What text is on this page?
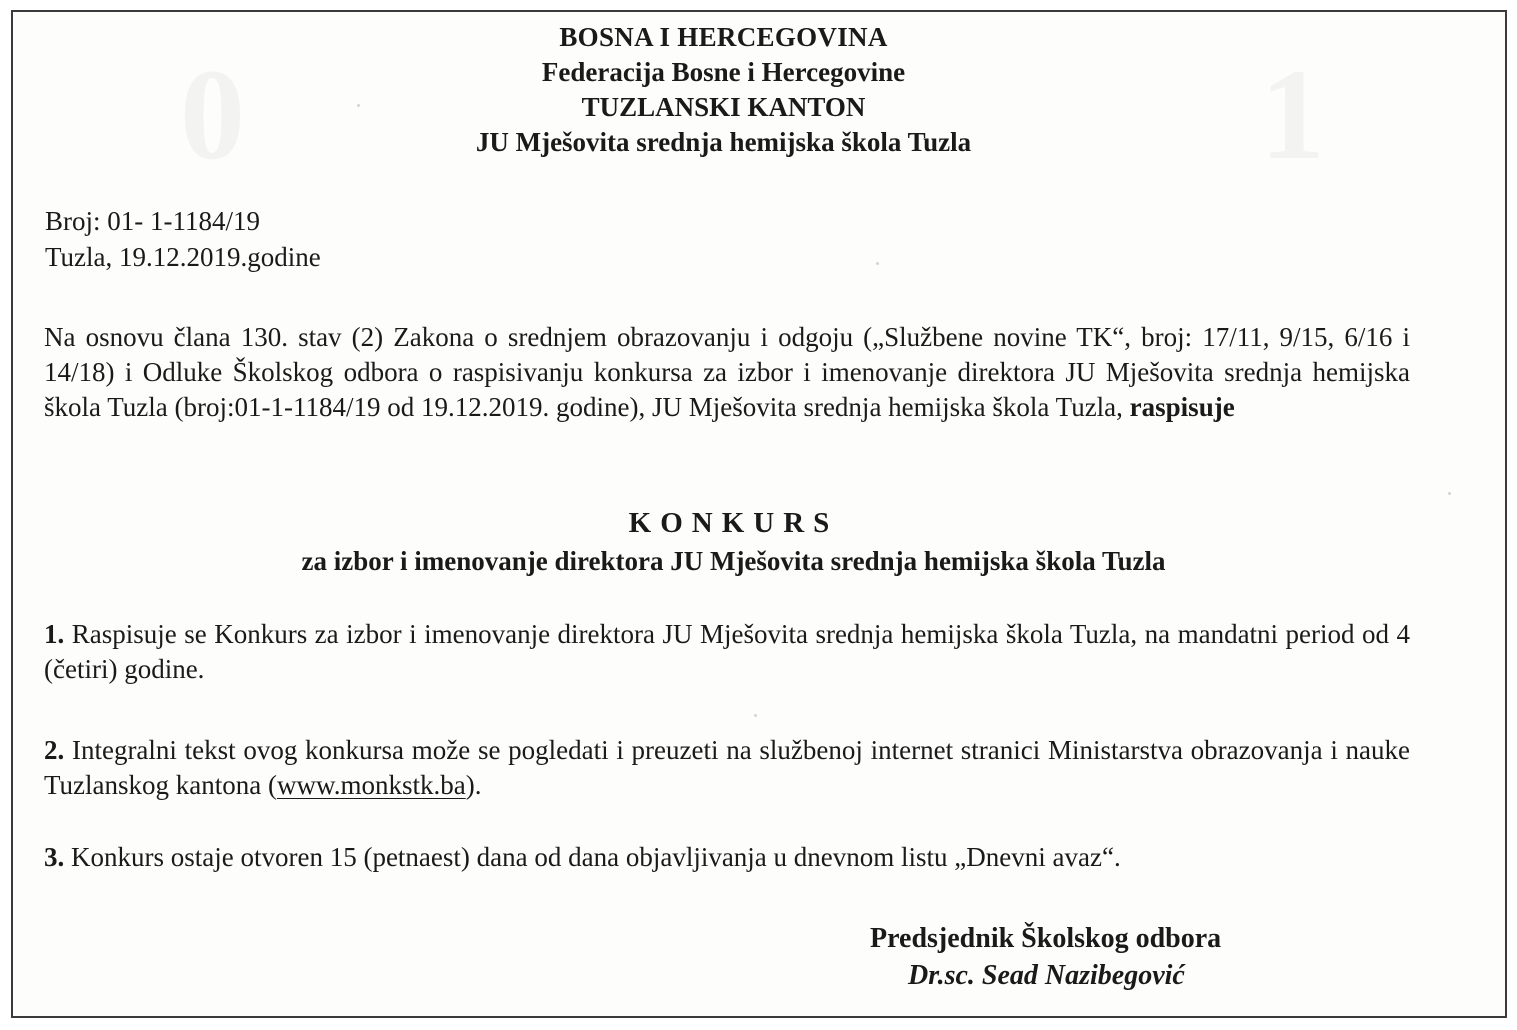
0	1
BOSNA I HERCEGOVINA
Federacija Bosne i Hercegovine
TUZLANSKI KANTON
JU Mješovita srednja hemijska škola Tuzla
Broj: 01- 1-1184/19
Tuzla, 19.12.2019.godine
Na osnovu člana 130. stav (2) Zakona o srednjem obrazovanju i odgoju („Službene novine TK“, broj: 17/11, 9/15, 6/16 i 14/18) i Odluke Školskog odbora o raspisivanju konkursa za izbor i imenovanje direktora JU Mješovita srednja hemijska škola Tuzla (broj:01-1-1184/19 od 19.12.2019. godine), JU Mješovita srednja hemijska škola Tuzla, raspisuje
KONKURS
za izbor i imenovanje direktora JU Mješovita srednja hemijska škola Tuzla
1. Raspisuje se Konkurs za izbor i imenovanje direktora JU Mješovita srednja hemijska škola Tuzla, na mandatni period od 4 (četiri) godine.
2. Integralni tekst ovog konkursa može se pogledati i preuzeti na službenoj internet stranici Ministarstva obrazovanja i nauke Tuzlanskog kantona (www.monkstk.ba).
3. Konkurs ostaje otvoren 15 (petnaest) dana od dana objavljivanja u dnevnom listu „Dnevni avaz“.
Predsjednik Školskog odbora
Dr.sc. Sead Nazibegović
